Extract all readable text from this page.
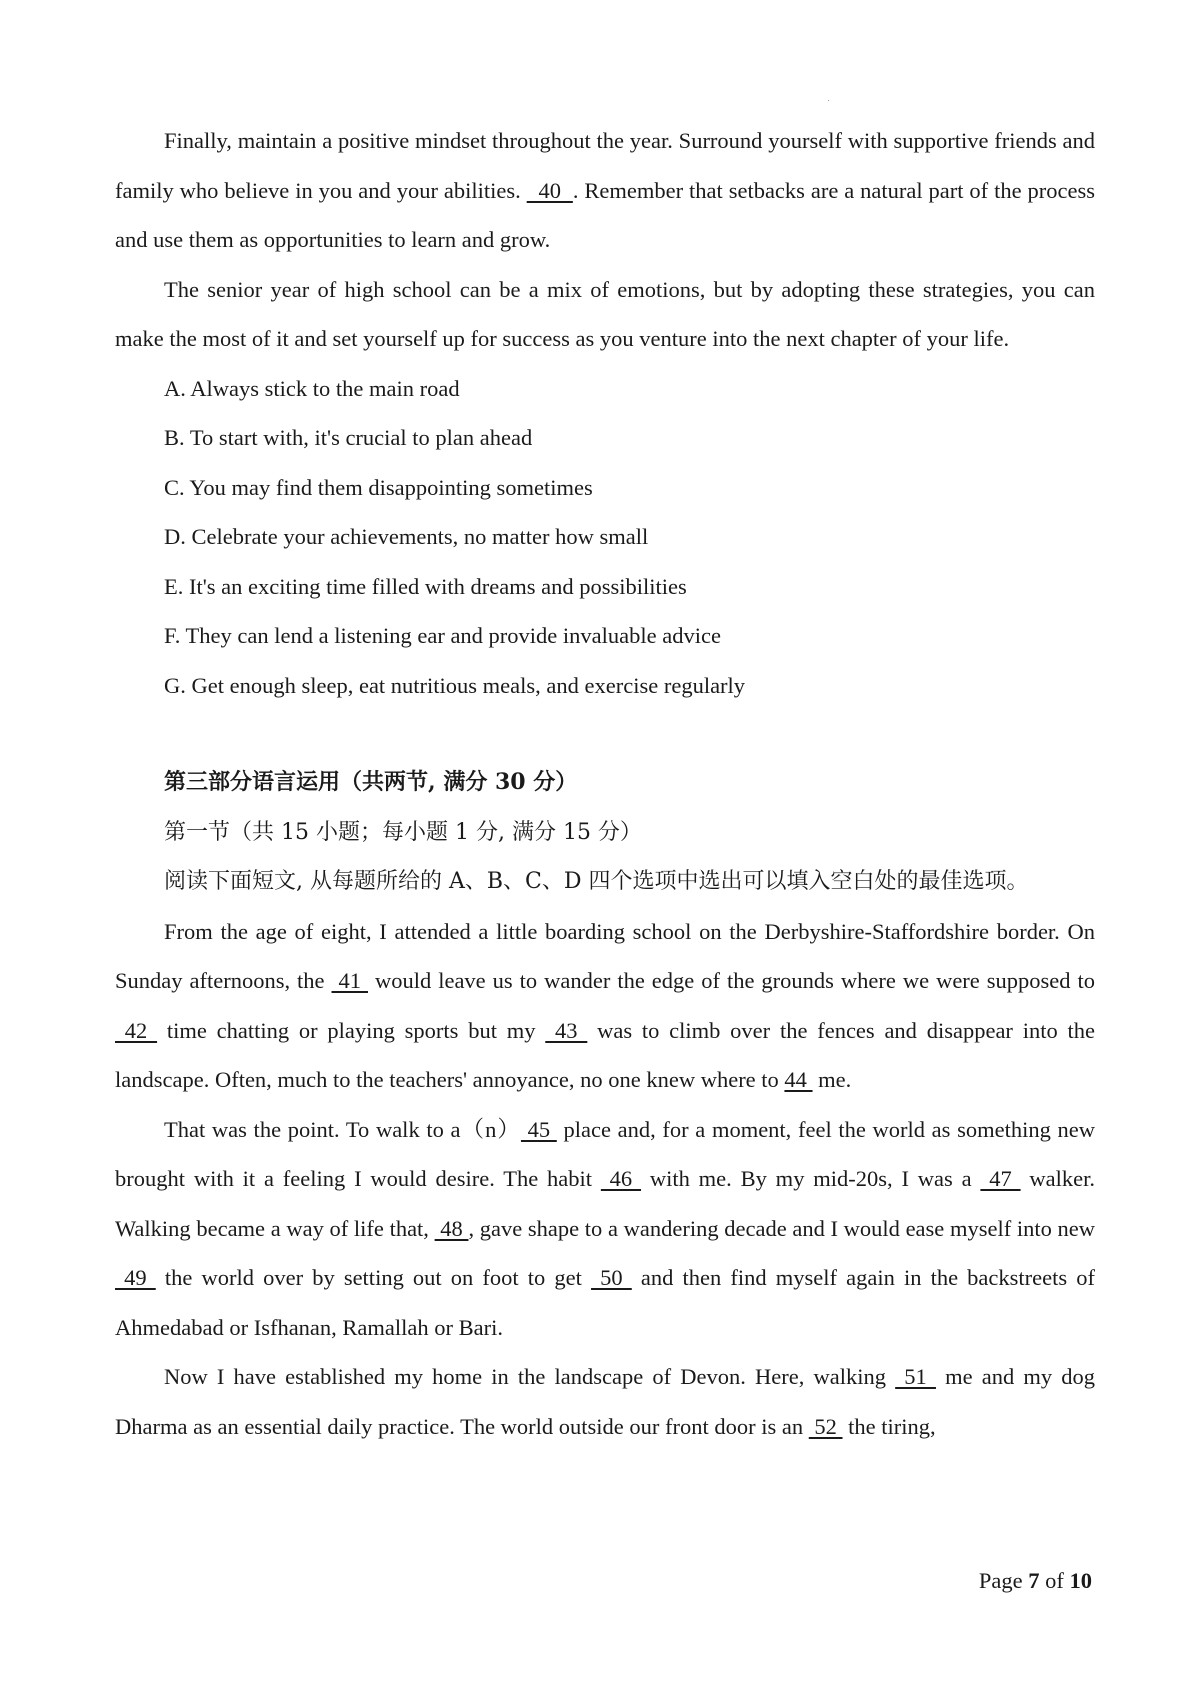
Finally, maintain a positive mindset throughout the year. Surround yourself with supportive friends and family who believe in you and your abilities.   40  . Remember that setbacks are a natural part of the process and use them as opportunities to learn and grow.

The senior year of high school can be a mix of emotions, but by adopting these strategies, you can make the most of it and set yourself up for success as you venture into the next chapter of your life.

A. Always stick to the main road

B. To start with, it's crucial to plan ahead

C. You may find them disappointing sometimes

D. Celebrate your achievements, no matter how small

E. It's an exciting time filled with dreams and possibilities

F. They can lend a listening ear and provide invaluable advice

G. Get enough sleep, eat nutritious meals, and exercise regularly

第三部分语言运用（共两节, 满分 30 分）

第一节（共 15 小题；每小题 1 分, 满分 15 分）

阅读下面短文, 从每题所给的 A、B、C、D 四个选项中选出可以填入空白处的最佳选项。

From the age of eight, I attended a little boarding school on the Derbyshire-Staffordshire border. On Sunday afternoons, the  41  would leave us to wander the edge of the grounds where we were supposed to  42  time chatting or playing sports but my  43  was to climb over the fences and disappear into the landscape. Often, much to the teachers' annoyance, no one knew where to 44  me.

That was the point. To walk to a（n） 45  place and, for a moment, feel the world as something new brought with it a feeling I would desire. The habit  46  with me. By my mid-20s, I was a  47  walker. Walking became a way of life that,  48 , gave shape to a wandering decade and I would ease myself into new  49  the world over by setting out on foot to get  50  and then find myself again in the backstreets of Ahmedabad or Isfhanan, Ramallah or Bari.

Now I have established my home in the landscape of Devon. Here, walking  51  me and my dog Dharma as an essential daily practice. The world outside our front door is an  52  the tiring,

Page 7 of 10
